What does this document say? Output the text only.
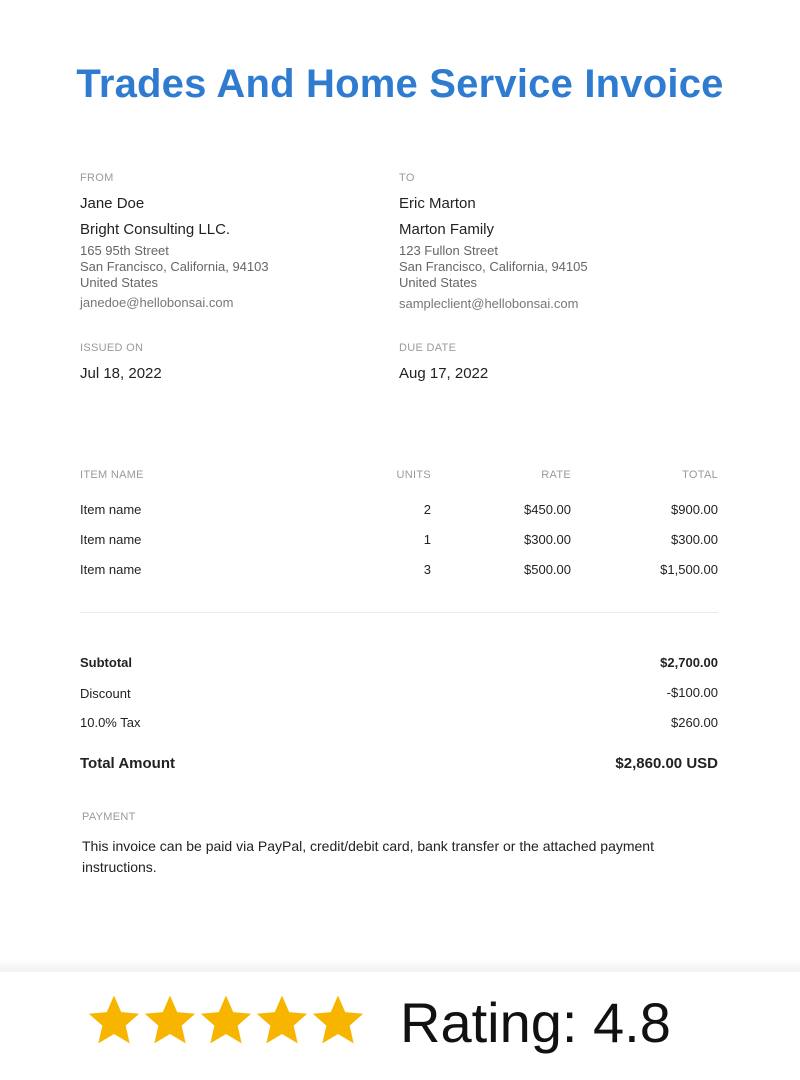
Trades And Home Service Invoice
FROM
Jane Doe
Bright Consulting LLC.
165 95th Street
San Francisco, California, 94103
United States
janedoe@hellobonsai.com
TO
Eric Marton
Marton Family
123 Fullon Street
San Francisco, California, 94105
United States
sampleclient@hellobonsai.com
ISSUED ON
Jul 18, 2022
DUE DATE
Aug 17, 2022
ITEM NAME	UNITS	RATE	TOTAL
Item name	2	$450.00	$900.00
Item name	1	$300.00	$300.00
Item name	3	$500.00	$1,500.00
Subtotal	$2,700.00
Discount	-$100.00
10.0% Tax	$260.00
Total Amount	$2,860.00 USD
PAYMENT
This invoice can be paid via PayPal, credit/debit card, bank transfer or the attached payment instructions.
Rating: 4.8
